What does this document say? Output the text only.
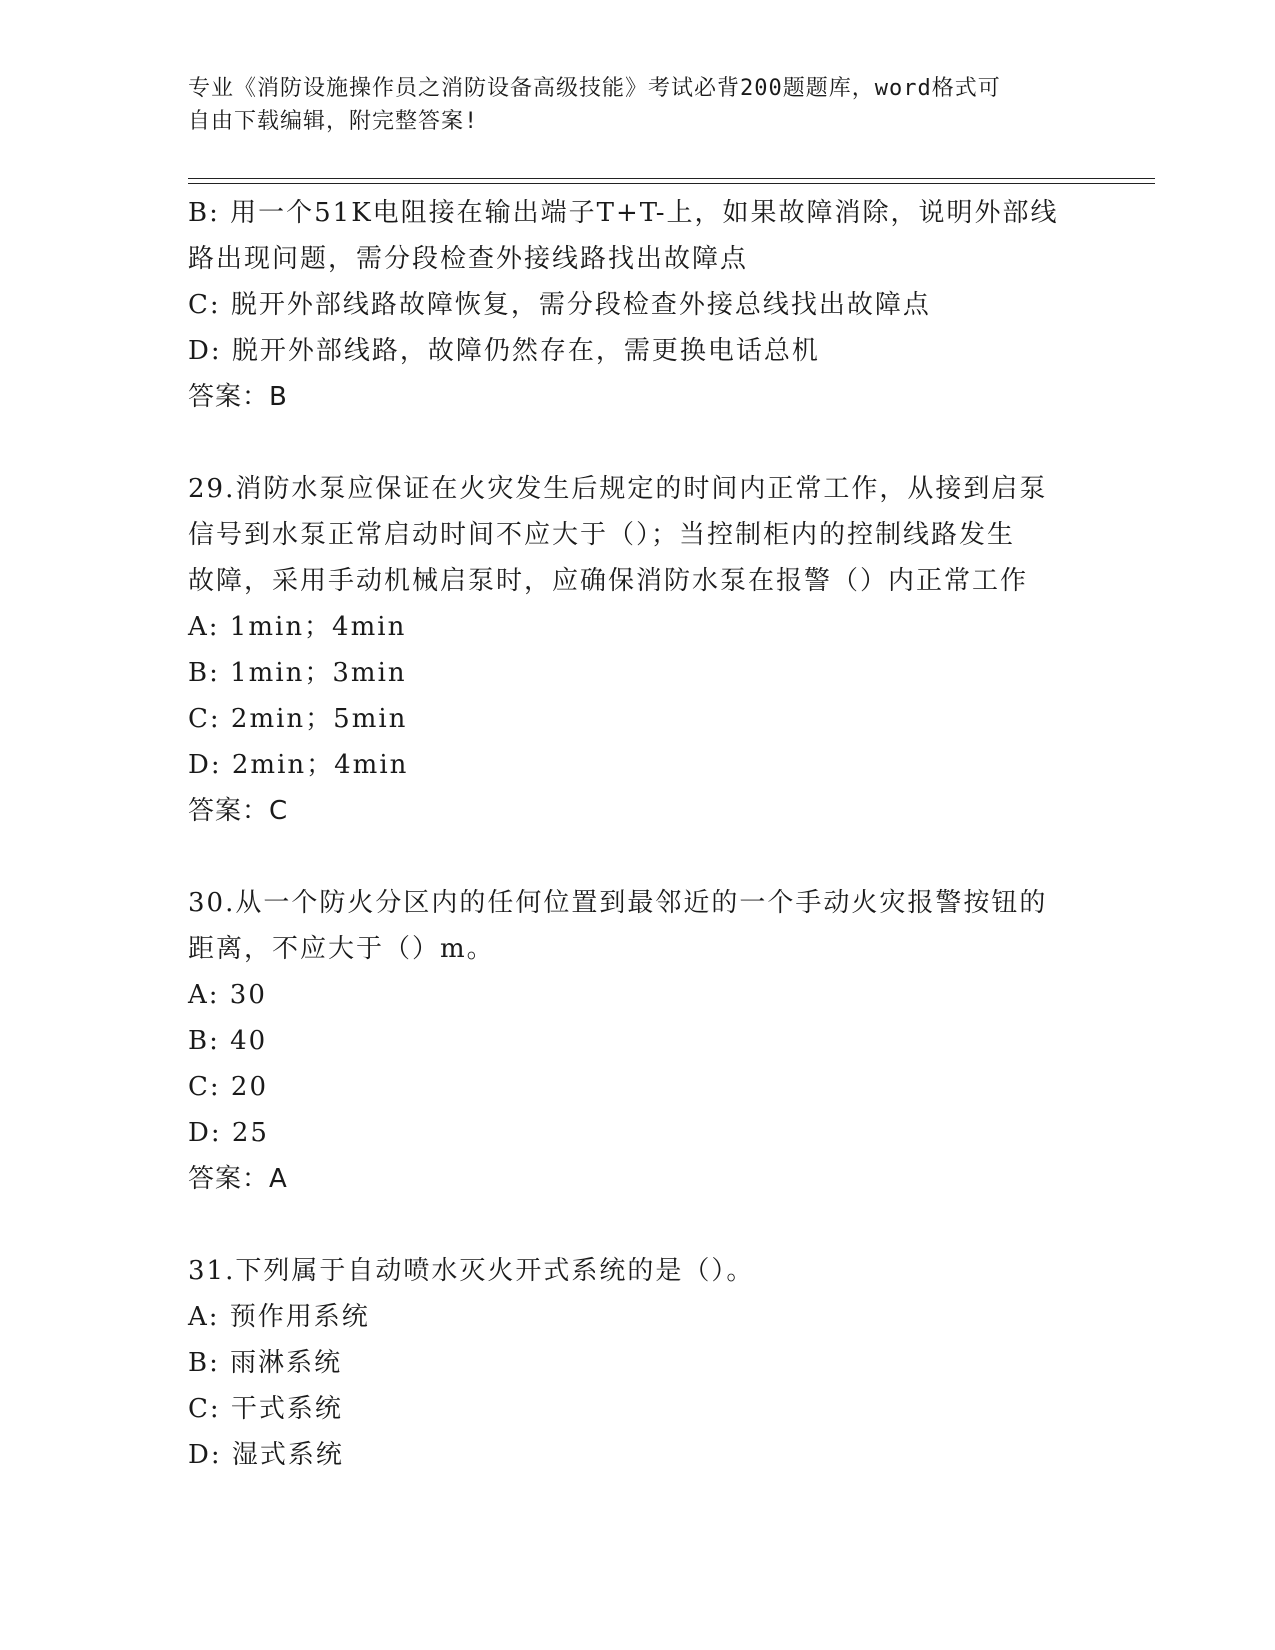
专业《消防设施操作员之消防设备高级技能》考试必背200题题库，word格式可
自由下载编辑，附完整答案!
B: 用一个51K电阻接在输出端子T+T-上，如果故障消除，说明外部线
路出现问题，需分段检查外接线路找出故障点
C: 脱开外部线路故障恢复，需分段检查外接总线找出故障点
D: 脱开外部线路，故障仍然存在，需更换电话总机
答案：B
29.消防水泵应保证在火灾发生后规定的时间内正常工作，从接到启泵
信号到水泵正常启动时间不应大于（）；当控制柜内的控制线路发生
故障，采用手动机械启泵时，应确保消防水泵在报警（）内正常工作
A: 1min；4min
B: 1min；3min
C: 2min；5min
D: 2min；4min
答案：C
30.从一个防火分区内的任何位置到最邻近的一个手动火灾报警按钮的
距离，不应大于（）m。
A: 30
B: 40
C: 20
D: 25
答案：A
31.下列属于自动喷水灭火开式系统的是（）。
A: 预作用系统
B: 雨淋系统
C: 干式系统
D: 湿式系统
